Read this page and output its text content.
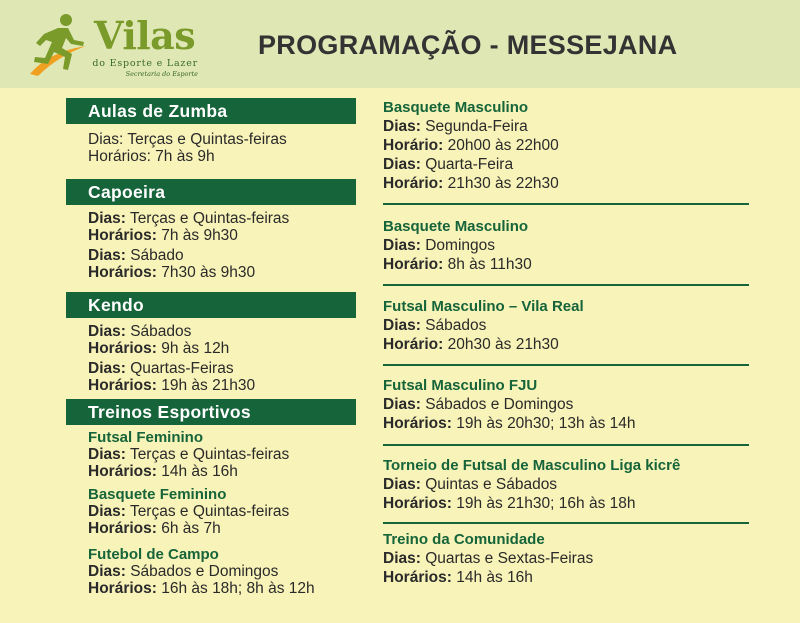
Vilas
do Esporte e Lazer
Secretaria do Esporte
PROGRAMAÇÃO - MESSEJANA
Aulas de Zumba
Dias: Terças e Quintas-feiras
Horários: 7h às 9h
Capoeira
Dias: Terças e Quintas-feiras
Horários: 7h às 9h30
Dias: Sábado
Horários: 7h30 às 9h30
Kendo
Dias: Sábados
Horários: 9h às 12h
Dias: Quartas-Feiras
Horários: 19h às 21h30
Treinos Esportivos
Futsal Feminino
Dias: Terças e Quintas-feiras
Horários: 14h às 16h
Basquete Feminino
Dias: Terças e Quintas-feiras
Horários: 6h às 7h
Futebol de Campo
Dias: Sábados e Domingos
Horários: 16h às 18h; 8h às 12h
Basquete Masculino
Dias: Segunda-Feira
Horário: 20h00 às 22h00
Dias: Quarta-Feira
Horário: 21h30 às 22h30
Basquete Masculino
Dias: Domingos
Horário: 8h às 11h30
Futsal Masculino – Vila Real
Dias: Sábados
Horário: 20h30 às 21h30
Futsal Masculino FJU
Dias: Sábados e Domingos
Horários: 19h às 20h30; 13h às 14h
Torneio de Futsal de Masculino Liga kicrê
Dias: Quintas e Sábados
Horários: 19h às 21h30; 16h às 18h
Treino da Comunidade
Dias: Quartas e Sextas-Feiras
Horários: 14h às 16h
